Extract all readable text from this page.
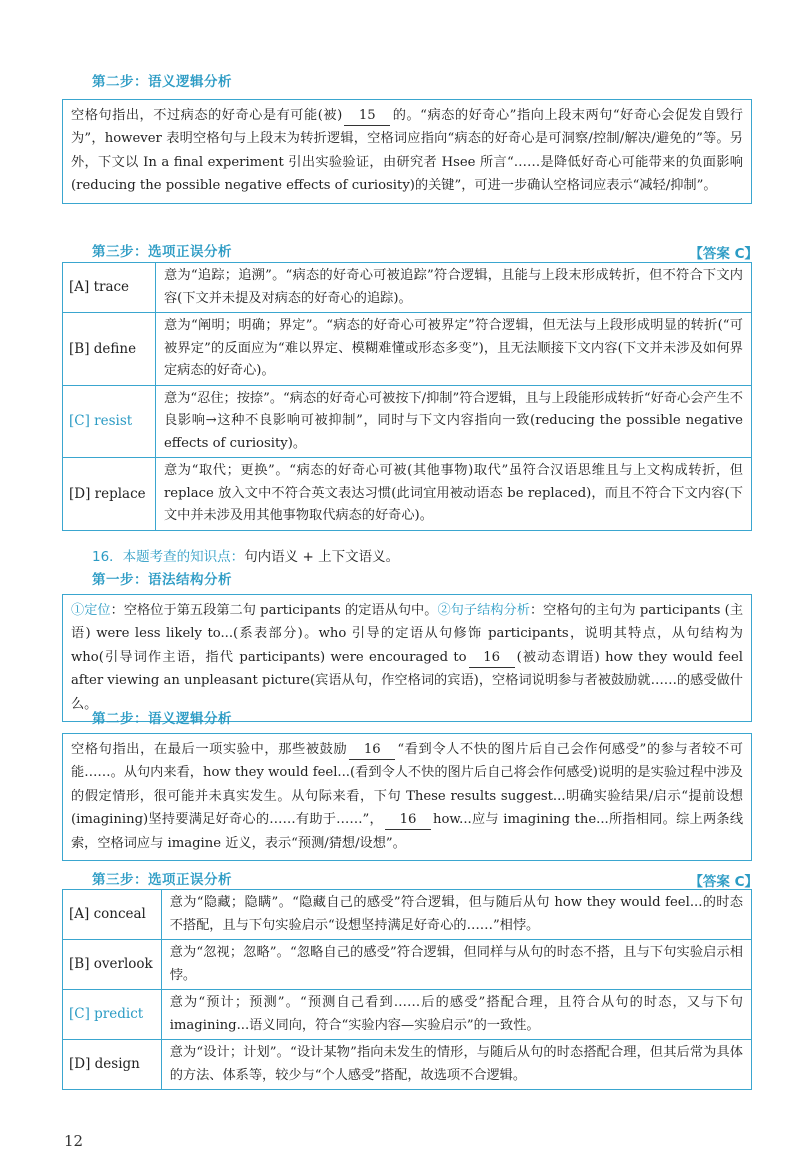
第二步：语义逻辑分析
空格句指出，不过病态的好奇心是有可能(被) 15 的。“病态的好奇心”指向上段末两句“好奇心会促发自毁行为”，however 表明空格句与上段末为转折逻辑，空格词应指向“病态的好奇心是可洞察/控制/解决/避免的”等。另外，下文以 In a final experiment 引出实验验证，由研究者 Hsee 所言“……是降低好奇心可能带来的负面影响(reducing the possible negative effects of curiosity)的关键”，可进一步确认空格词应表示“减轻/抑制”。
第三步：选项正误分析	【答案 C】
[A] trace	意为“追踪；追溯”。“病态的好奇心可被追踪”符合逻辑，且能与上段末形成转折，但不符合下文内容(下文并未提及对病态的好奇心的追踪)。
[B] define	意为“阐明；明确；界定”。“病态的好奇心可被界定”符合逻辑，但无法与上段形成明显的转折(“可被界定”的反面应为“难以界定、模糊难懂或形态多变”)，且无法顺接下文内容(下文并未涉及如何界定病态的好奇心)。
[C] resist	意为“忍住；按捺”。“病态的好奇心可被按下/抑制”符合逻辑，且与上段能形成转折“好奇心会产生不良影响→这种不良影响可被抑制”，同时与下文内容指向一致(reducing the possible negative effects of curiosity)。
[D] replace	意为“取代；更换”。“病态的好奇心可被(其他事物)取代”虽符合汉语思维且与上文构成转折，但 replace 放入文中不符合英文表达习惯(此词宜用被动语态 be replaced)，而且不符合下文内容(下文中并未涉及用其他事物取代病态的好奇心)。
16．本题考查的知识点：句内语义 + 上下文语义。
第一步：语法结构分析
①定位：空格位于第五段第二句 participants 的定语从句中。②句子结构分析：空格句的主句为 participants (主语) were less likely to...(系表部分)。who 引导的定语从句修饰 participants，说明其特点，从句结构为 who(引导词作主语，指代 participants) were encouraged to 16 (被动态谓语) how they would feel after viewing an unpleasant picture(宾语从句，作空格词的宾语)，空格词说明参与者被鼓励就……的感受做什么。
第二步：语义逻辑分析
空格句指出，在最后一项实验中，那些被鼓励 16 “看到令人不快的图片后自己会作何感受”的参与者较不可能……。从句内来看，how they would feel...(看到令人不快的图片后自己将会作何感受)说明的是实验过程中涉及的假定情形，很可能并未真实发生。从句际来看，下句 These results suggest...明确实验结果/启示“提前设想(imagining)坚持要满足好奇心的……有助于……”， 16 how...应与 imagining the...所指相同。综上两条线索，空格词应与 imagine 近义，表示“预测/猜想/设想”。
第三步：选项正误分析	【答案 C】
[A] conceal	意为“隐藏；隐瞒”。“隐藏自己的感受”符合逻辑，但与随后从句 how they would feel...的时态不搭配，且与下句实验启示“设想坚持满足好奇心的……”相悖。
[B] overlook	意为“忽视；忽略”。“忽略自己的感受”符合逻辑，但同样与从句的时态不搭，且与下句实验启示相悖。
[C] predict	意为“预计；预测”。“预测自己看到……后的感受”搭配合理，且符合从句的时态，又与下句 imagining...语义同向，符合“实验内容—实验启示”的一致性。
[D] design	意为“设计；计划”。“设计某物”指向未发生的情形，与随后从句的时态搭配合理，但其后常为具体的方法、体系等，较少与“个人感受”搭配，故选项不合逻辑。
12
